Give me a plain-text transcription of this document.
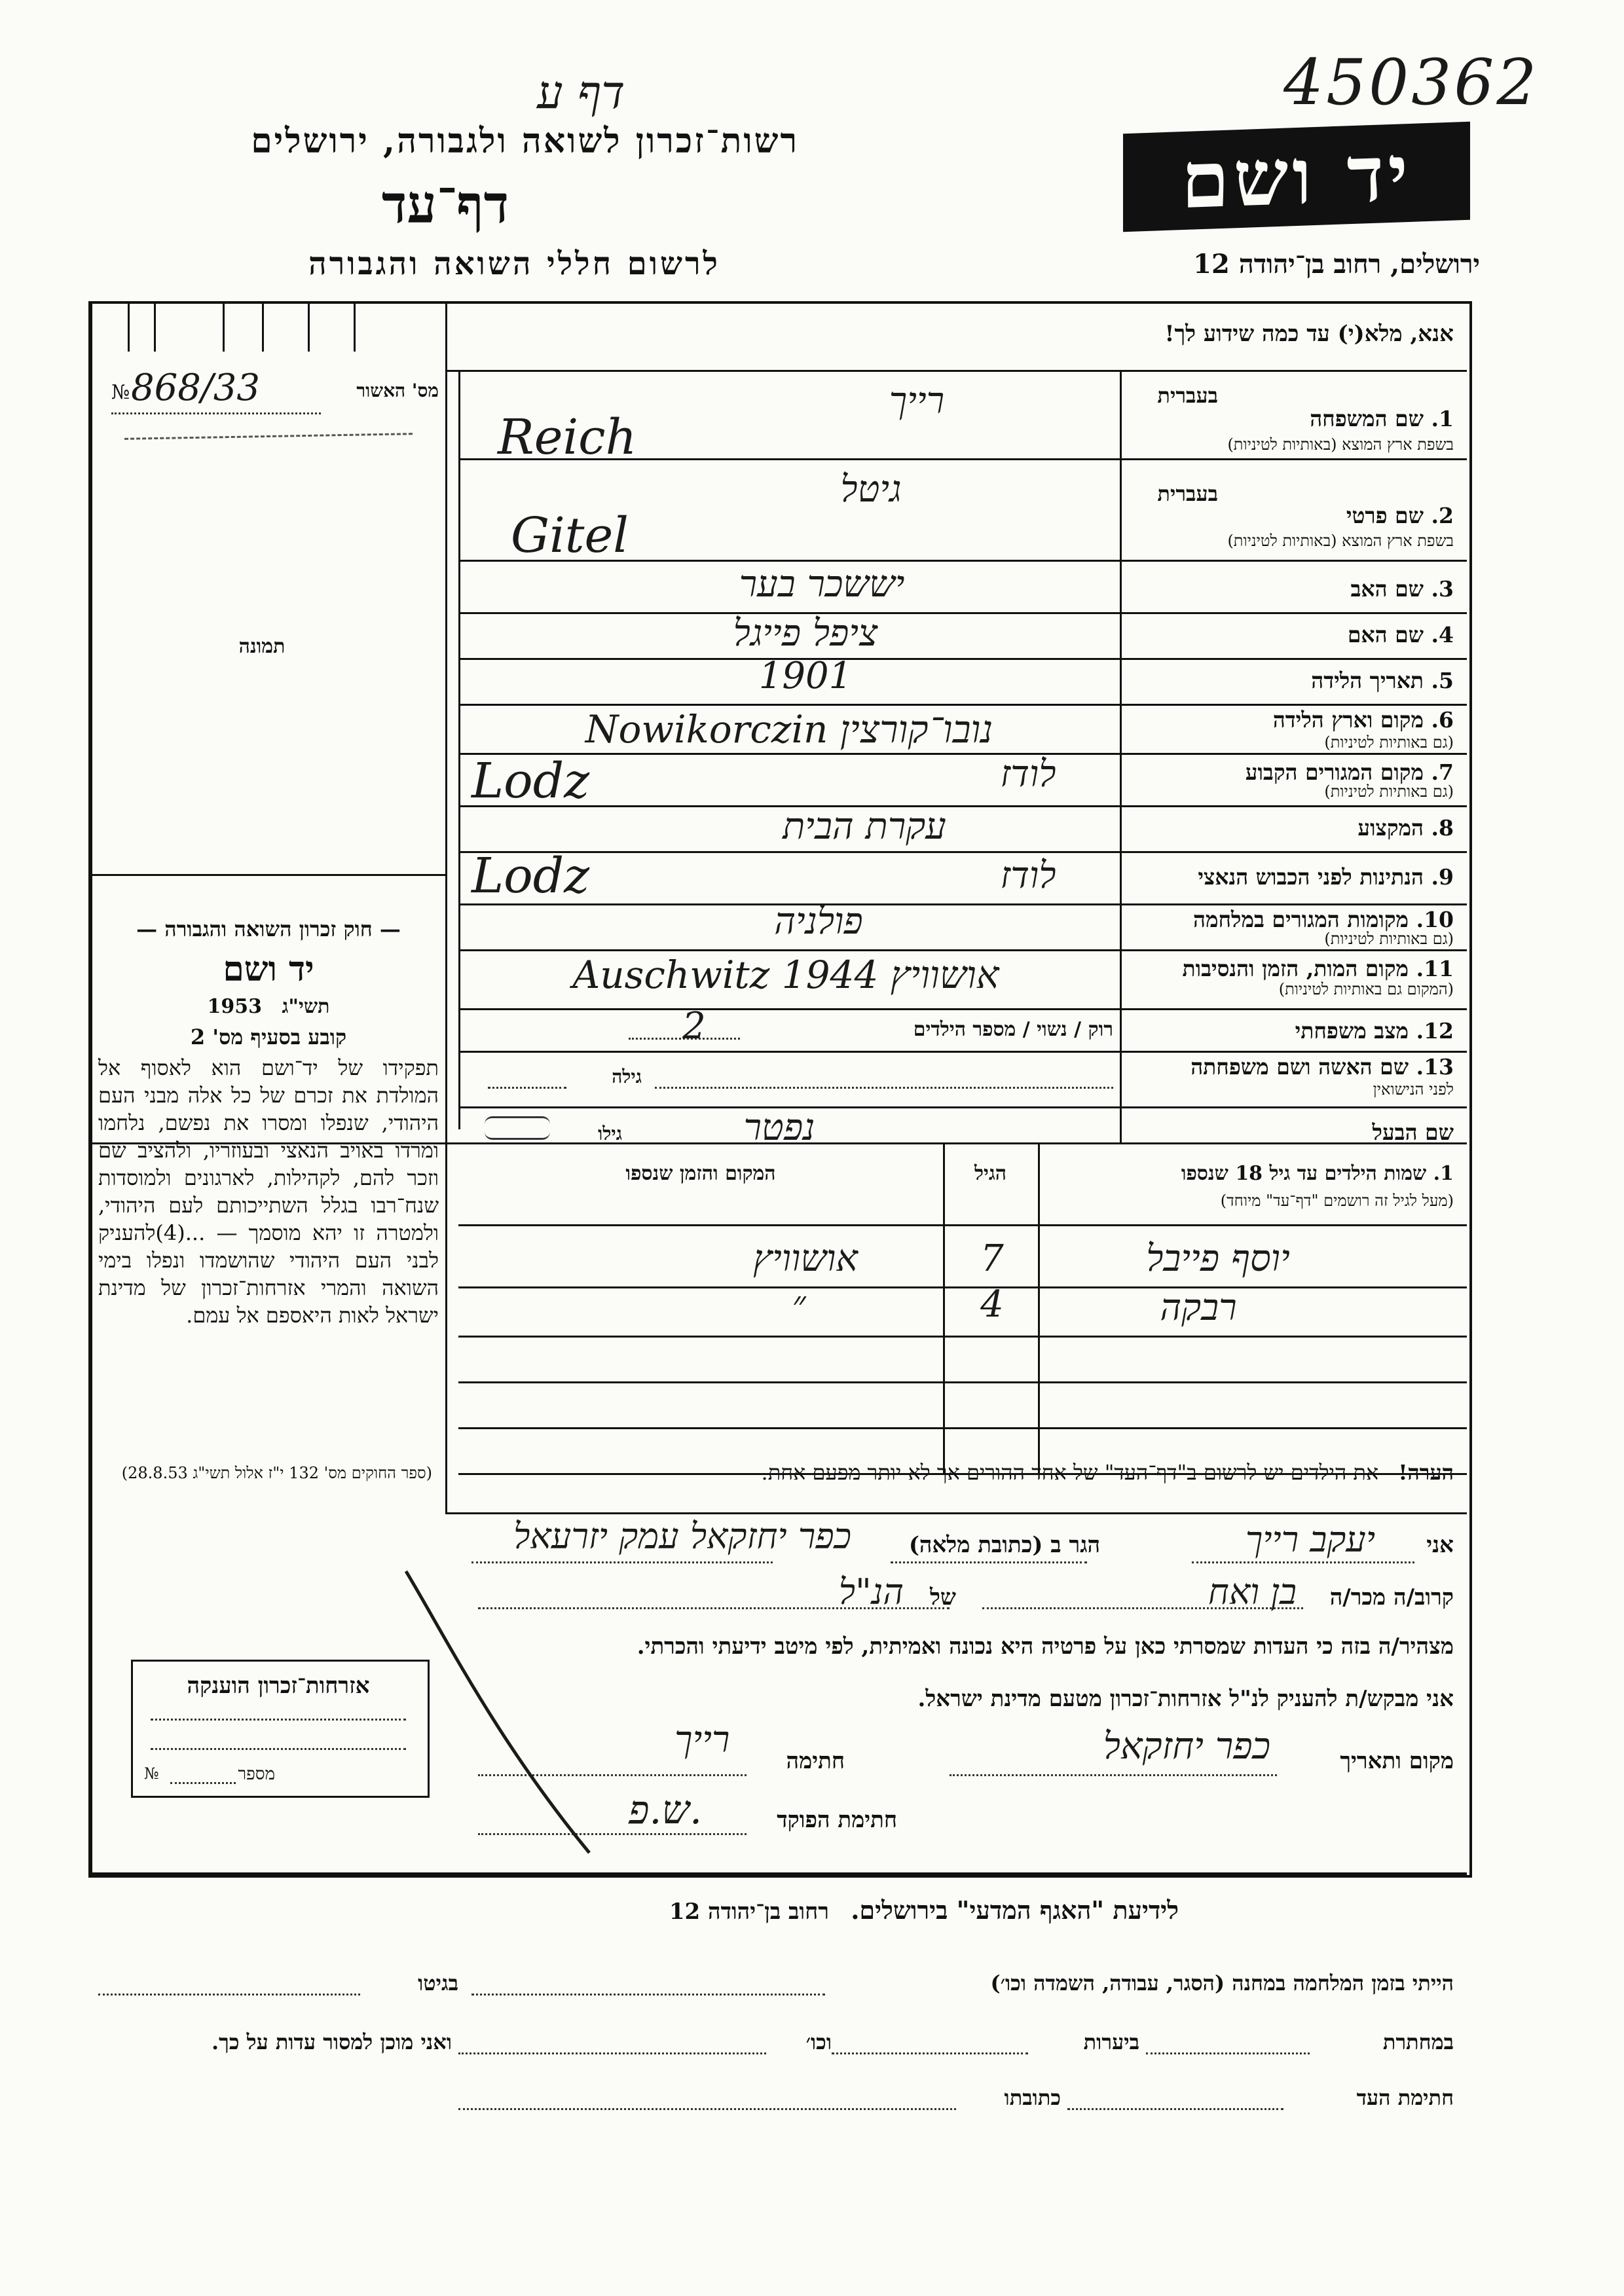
450362
דף ע
רשות־זכרון לשואה ולגבורה, ירושלים
דף־עד
לרשום חללי השואה והגבורה
יד ושם
ירושלים, רחוב בן־יהודה 12
מס' האשור
868/33
№
תמונה
— חוק זכרון השואה והגבורה —
יד ושם
1953 תשי"ג
קובע בסעיף מס' 2
תפקידו של יד־ושם הוא לאסוף אל המולדת את זכרם של כל אלה מבני העם היהודי, שנפלו ומסרו את נפשם, נלחמו ומרדו באויב הנאצי ובעוזריו, ולהציב שם וזכר להם, לקהילות, לארגונים ולמוסדות שנח־רבו בגלל השתייכותם לעם היהודי, ולמטרה זו יהא מוסמך — ...(4)להעניק לבני העם היהודי שהושמדו ונפלו בימי השואה והמרי אזרחות־זכרון של מדינת ישראל לאות היאספם אל עמם.
(ספר החוקים מס' 132 י"ז אלול תשי"ג 28.8.53)
אזרחות־זכרון הוענקה
מספר
№
אנא, מלא(י) עד כמה שידוע לך!
בעברית
1. שם המשפחה
בשפת ארץ המוצא (באותיות לטיניות)
רייך
Reich
בעברית
2. שם פרטי
בשפת ארץ המוצא (באותיות לטיניות)
גיטל
Gitel
3. שם האב
יששכר בער
4. שם האם
ציפל פייגל
5. תאריך הלידה
1901
6. מקום וארץ הלידה
(גם באותיות לטיניות)
נובו־קורצין Nowikorczin
7. מקום המגורים הקבוע
(גם באותיות לטיניות)
לודז
Lodz
8. המקצוע
עקרת הבית
9. הנתינות לפני הכבוש הנאצי
לודז
Lodz
10. מקומות המגורים במלחמה
(גם באותיות לטיניות)
פולניה
11. מקום המות, הזמן והנסיבות
(המקום גם באותיות לטיניות)
אושוויץ 1944 Auschwitz
12. מצב משפחתי
רוק / נשוי / מספר הילדים
2
13. שם האשה ושם משפחתה
לפני הנישואין
גילה
שם הבעל
גילו	נפטר
1. שמות הילדים עד גיל 18 שנספו
(מעל לגיל זה רושמים "דף־עד" מיוחד)
הגיל
המקום והזמן שנספו
יוסף פייבל
7
אושוויץ
רבקה
4
״
הערה! את הילדים יש לרשום ב"דף־העד" של אחד ההורים אך לא יותר מפעם אחת.
אני
יעקב רייך
הגר ב (כתובת מלאה)
כפר יחזקאל עמק יזרעאל
קרוב/ה מכר/ה
בן ואח
של
הנ"ל
מצהיר/ה בזה כי העדות שמסרתי כאן על פרטיה היא נכונה ואמיתית, לפי מיטב ידיעתי והכרתי.
אני מבקש/ת להעניק לנ"ל אזרחות־זכרון מטעם מדינת ישראל.
מקום ותאריך
כפר יחזקאל
חתימה
רייך
חתימת הפוקד
ש.פ.
לידיעת "האגף המדעי" בירושלים. רחוב בן־יהודה 12
הייתי בזמן המלחמה במחנה (הסגר, עבודה, השמדה וכו׳)
בגיטו
במחתרת
ביערות
וכו׳
ואני מוכן למסור עדות על כך.
חתימת העד
כתובתו
